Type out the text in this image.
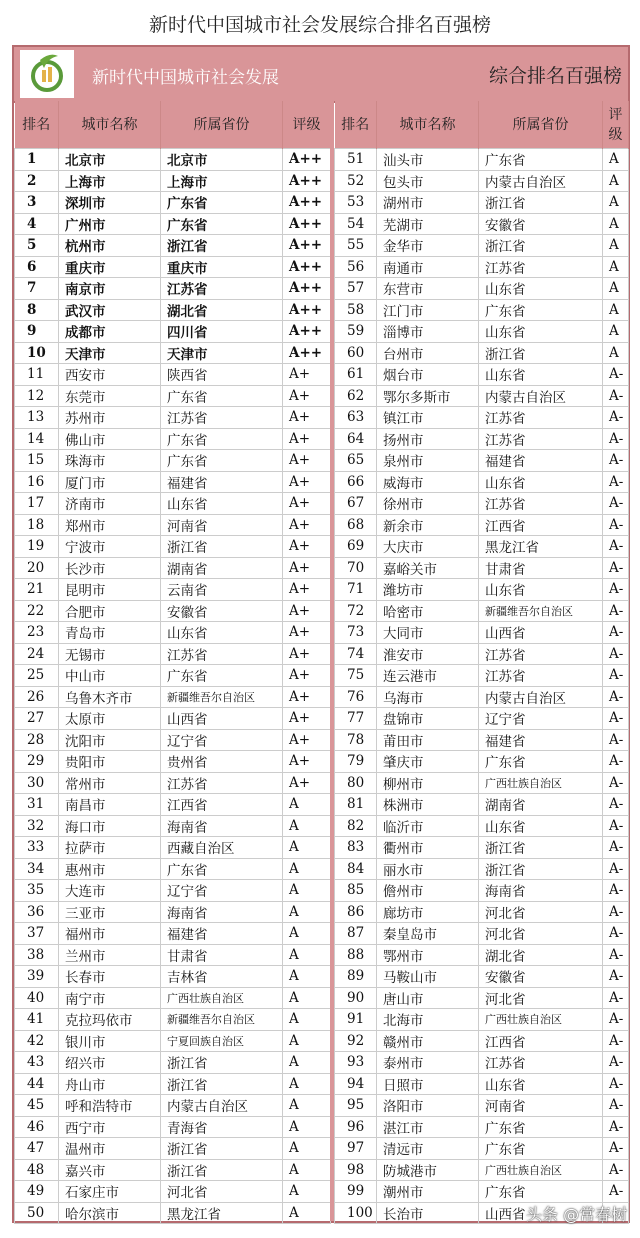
新时代中国城市社会发展综合排名百强榜
新时代中国城市社会发展	综合排名百强榜
排名	城市名称	所属省份	评级
1	北京市	北京市	A++
2	上海市	上海市	A++
3	深圳市	广东省	A++
4	广州市	广东省	A++
5	杭州市	浙江省	A++
6	重庆市	重庆市	A++
7	南京市	江苏省	A++
8	武汉市	湖北省	A++
9	成都市	四川省	A++
10	天津市	天津市	A++
11	西安市	陕西省	A+
12	东莞市	广东省	A+
13	苏州市	江苏省	A+
14	佛山市	广东省	A+
15	珠海市	广东省	A+
16	厦门市	福建省	A+
17	济南市	山东省	A+
18	郑州市	河南省	A+
19	宁波市	浙江省	A+
20	长沙市	湖南省	A+
21	昆明市	云南省	A+
22	合肥市	安徽省	A+
23	青岛市	山东省	A+
24	无锡市	江苏省	A+
25	中山市	广东省	A+
26	乌鲁木齐市	新疆维吾尔自治区	A+
27	太原市	山西省	A+
28	沈阳市	辽宁省	A+
29	贵阳市	贵州省	A+
30	常州市	江苏省	A+
31	南昌市	江西省	A
32	海口市	海南省	A
33	拉萨市	西藏自治区	A
34	惠州市	广东省	A
35	大连市	辽宁省	A
36	三亚市	海南省	A
37	福州市	福建省	A
38	兰州市	甘肃省	A
39	长春市	吉林省	A
40	南宁市	广西壮族自治区	A
41	克拉玛依市	新疆维吾尔自治区	A
42	银川市	宁夏回族自治区	A
43	绍兴市	浙江省	A
44	舟山市	浙江省	A
45	呼和浩特市	内蒙古自治区	A
46	西宁市	青海省	A
47	温州市	浙江省	A
48	嘉兴市	浙江省	A
49	石家庄市	河北省	A
50	哈尔滨市	黑龙江省	A
排名	城市名称	所属省份	评级
51	汕头市	广东省	A
52	包头市	内蒙古自治区	A
53	湖州市	浙江省	A
54	芜湖市	安徽省	A
55	金华市	浙江省	A
56	南通市	江苏省	A
57	东营市	山东省	A
58	江门市	广东省	A
59	淄博市	山东省	A
60	台州市	浙江省	A
61	烟台市	山东省	A-
62	鄂尔多斯市	内蒙古自治区	A-
63	镇江市	江苏省	A-
64	扬州市	江苏省	A-
65	泉州市	福建省	A-
66	威海市	山东省	A-
67	徐州市	江苏省	A-
68	新余市	江西省	A-
69	大庆市	黑龙江省	A-
70	嘉峪关市	甘肃省	A-
71	潍坊市	山东省	A-
72	哈密市	新疆维吾尔自治区	A-
73	大同市	山西省	A-
74	淮安市	江苏省	A-
75	连云港市	江苏省	A-
76	乌海市	内蒙古自治区	A-
77	盘锦市	辽宁省	A-
78	莆田市	福建省	A-
79	肇庆市	广东省	A-
80	柳州市	广西壮族自治区	A-
81	株洲市	湖南省	A-
82	临沂市	山东省	A-
83	衢州市	浙江省	A-
84	丽水市	浙江省	A-
85	儋州市	海南省	A-
86	廊坊市	河北省	A-
87	秦皇岛市	河北省	A-
88	鄂州市	湖北省	A-
89	马鞍山市	安徽省	A-
90	唐山市	河北省	A-
91	北海市	广西壮族自治区	A-
92	赣州市	江西省	A-
93	泰州市	江苏省	A-
94	日照市	山东省	A-
95	洛阳市	河南省	A-
96	湛江市	广东省	A-
97	清远市	广东省	A-
98	防城港市	广西壮族自治区	A-
99	潮州市	广东省	A-
100	长治市	山西省	头条 @常春树
